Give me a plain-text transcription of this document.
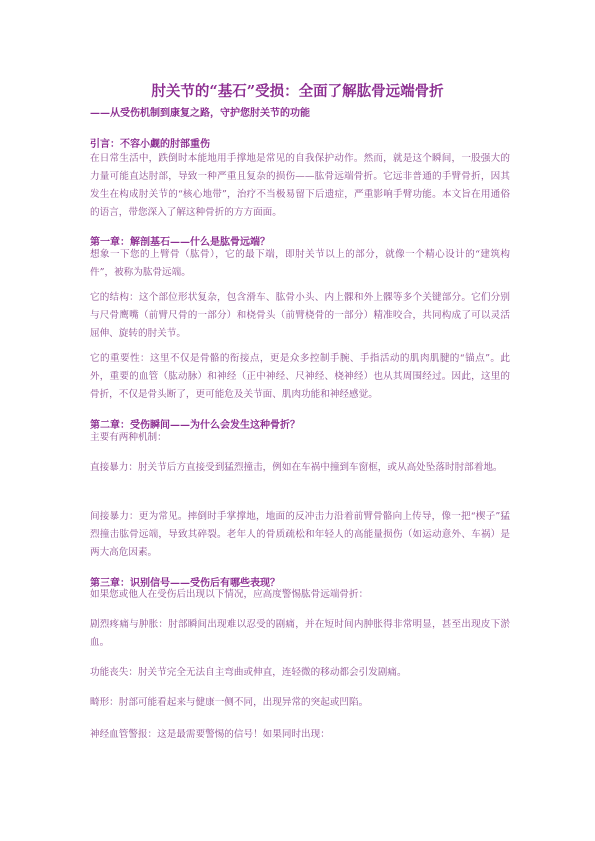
肘关节的“基石”受损：全面了解肱骨远端骨折
——从受伤机制到康复之路，守护您肘关节的功能
引言：不容小觑的肘部重伤
在日常生活中，跌倒时本能地用手撑地是常见的自我保护动作。然而，就是这个瞬间，一股强大的力量可能直达肘部，导致一种严重且复杂的损伤——肱骨远端骨折。它远非普通的手臂骨折，因其发生在构成肘关节的“核心地带”，治疗不当极易留下后遗症，严重影响手臂功能。本文旨在用通俗的语言，带您深入了解这种骨折的方方面面。
第一章：解剖基石——什么是肱骨远端？
想象一下您的上臂骨（肱骨），它的最下端，即肘关节以上的部分，就像一个精心设计的“建筑构件”，被称为肱骨远端。
它的结构：这个部位形状复杂，包含滑车、肱骨小头、内上髁和外上髁等多个关键部分。它们分别与尺骨鹰嘴（前臂尺骨的一部分）和桡骨头（前臂桡骨的一部分）精准咬合，共同构成了可以灵活屈伸、旋转的肘关节。
它的重要性：这里不仅是骨骼的衔接点，更是众多控制手腕、手指活动的肌肉肌腱的“锚点”。此外，重要的血管（肱动脉）和神经（正中神经、尺神经、桡神经）也从其周围经过。因此，这里的骨折，不仅是骨头断了，更可能危及关节面、肌肉功能和神经感觉。
第二章：受伤瞬间——为什么会发生这种骨折？
主要有两种机制：
直接暴力：肘关节后方直接受到猛烈撞击，例如在车祸中撞到车窗框，或从高处坠落时肘部着地。
间接暴力：更为常见。摔倒时手掌撑地，地面的反冲击力沿着前臂骨骼向上传导，像一把“楔子”猛烈撞击肱骨远端，导致其碎裂。老年人的骨质疏松和年轻人的高能量损伤（如运动意外、车祸）是两大高危因素。
第三章：识别信号——受伤后有哪些表现？
如果您或他人在受伤后出现以下情况，应高度警惕肱骨远端骨折：
剧烈疼痛与肿胀：肘部瞬间出现难以忍受的剧痛，并在短时间内肿胀得非常明显，甚至出现皮下淤血。
功能丧失：肘关节完全无法自主弯曲或伸直，连轻微的移动都会引发剧痛。
畸形：肘部可能看起来与健康一侧不同，出现异常的突起或凹陷。
神经血管警报：这是最需要警惕的信号！如果同时出现：
